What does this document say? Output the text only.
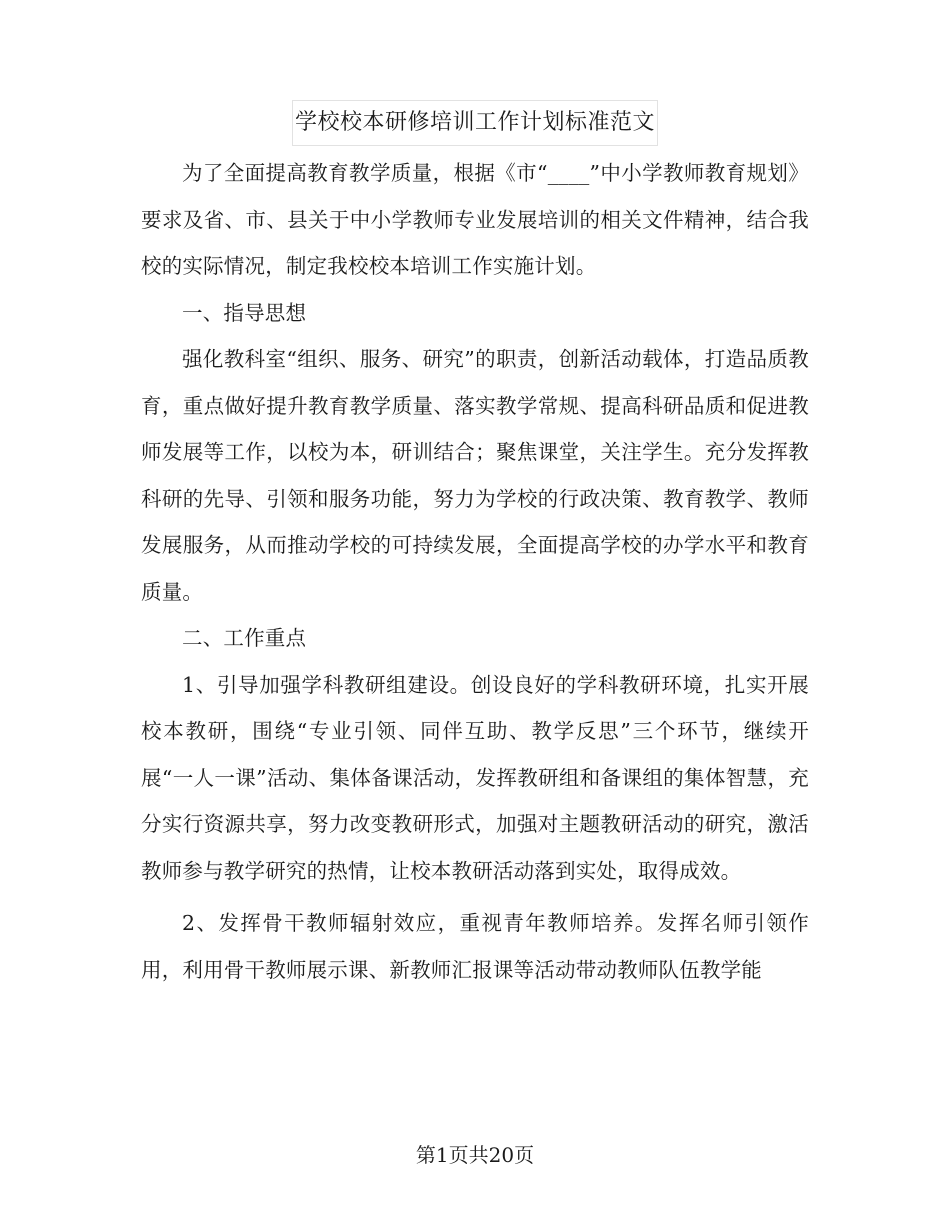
学校校本研修培训工作计划标准范文

为了全面提高教育教学质量，根据《市“____”中小学教师教育规划》要求及省、市、县关于中小学教师专业发展培训的相关文件精神，结合我校的实际情况，制定我校校本培训工作实施计划。

一、指导思想

强化教科室“组织、服务、研究”的职责，创新活动载体，打造品质教育，重点做好提升教育教学质量、落实教学常规、提高科研品质和促进教师发展等工作，以校为本，研训结合；聚焦课堂，关注学生。充分发挥教科研的先导、引领和服务功能，努力为学校的行政决策、教育教学、教师发展服务，从而推动学校的可持续发展，全面提高学校的办学水平和教育质量。

二、工作重点

1、引导加强学科教研组建设。创设良好的学科教研环境，扎实开展校本教研，围绕“专业引领、同伴互助、教学反思”三个环节，继续开展“一人一课”活动、集体备课活动，发挥教研组和备课组的集体智慧，充分实行资源共享，努力改变教研形式，加强对主题教研活动的研究，激活教师参与教学研究的热情，让校本教研活动落到实处，取得成效。

2、发挥骨干教师辐射效应，重视青年教师培养。发挥名师引领作用，利用骨干教师展示课、新教师汇报课等活动带动教师队伍教学能

第1页共20页
